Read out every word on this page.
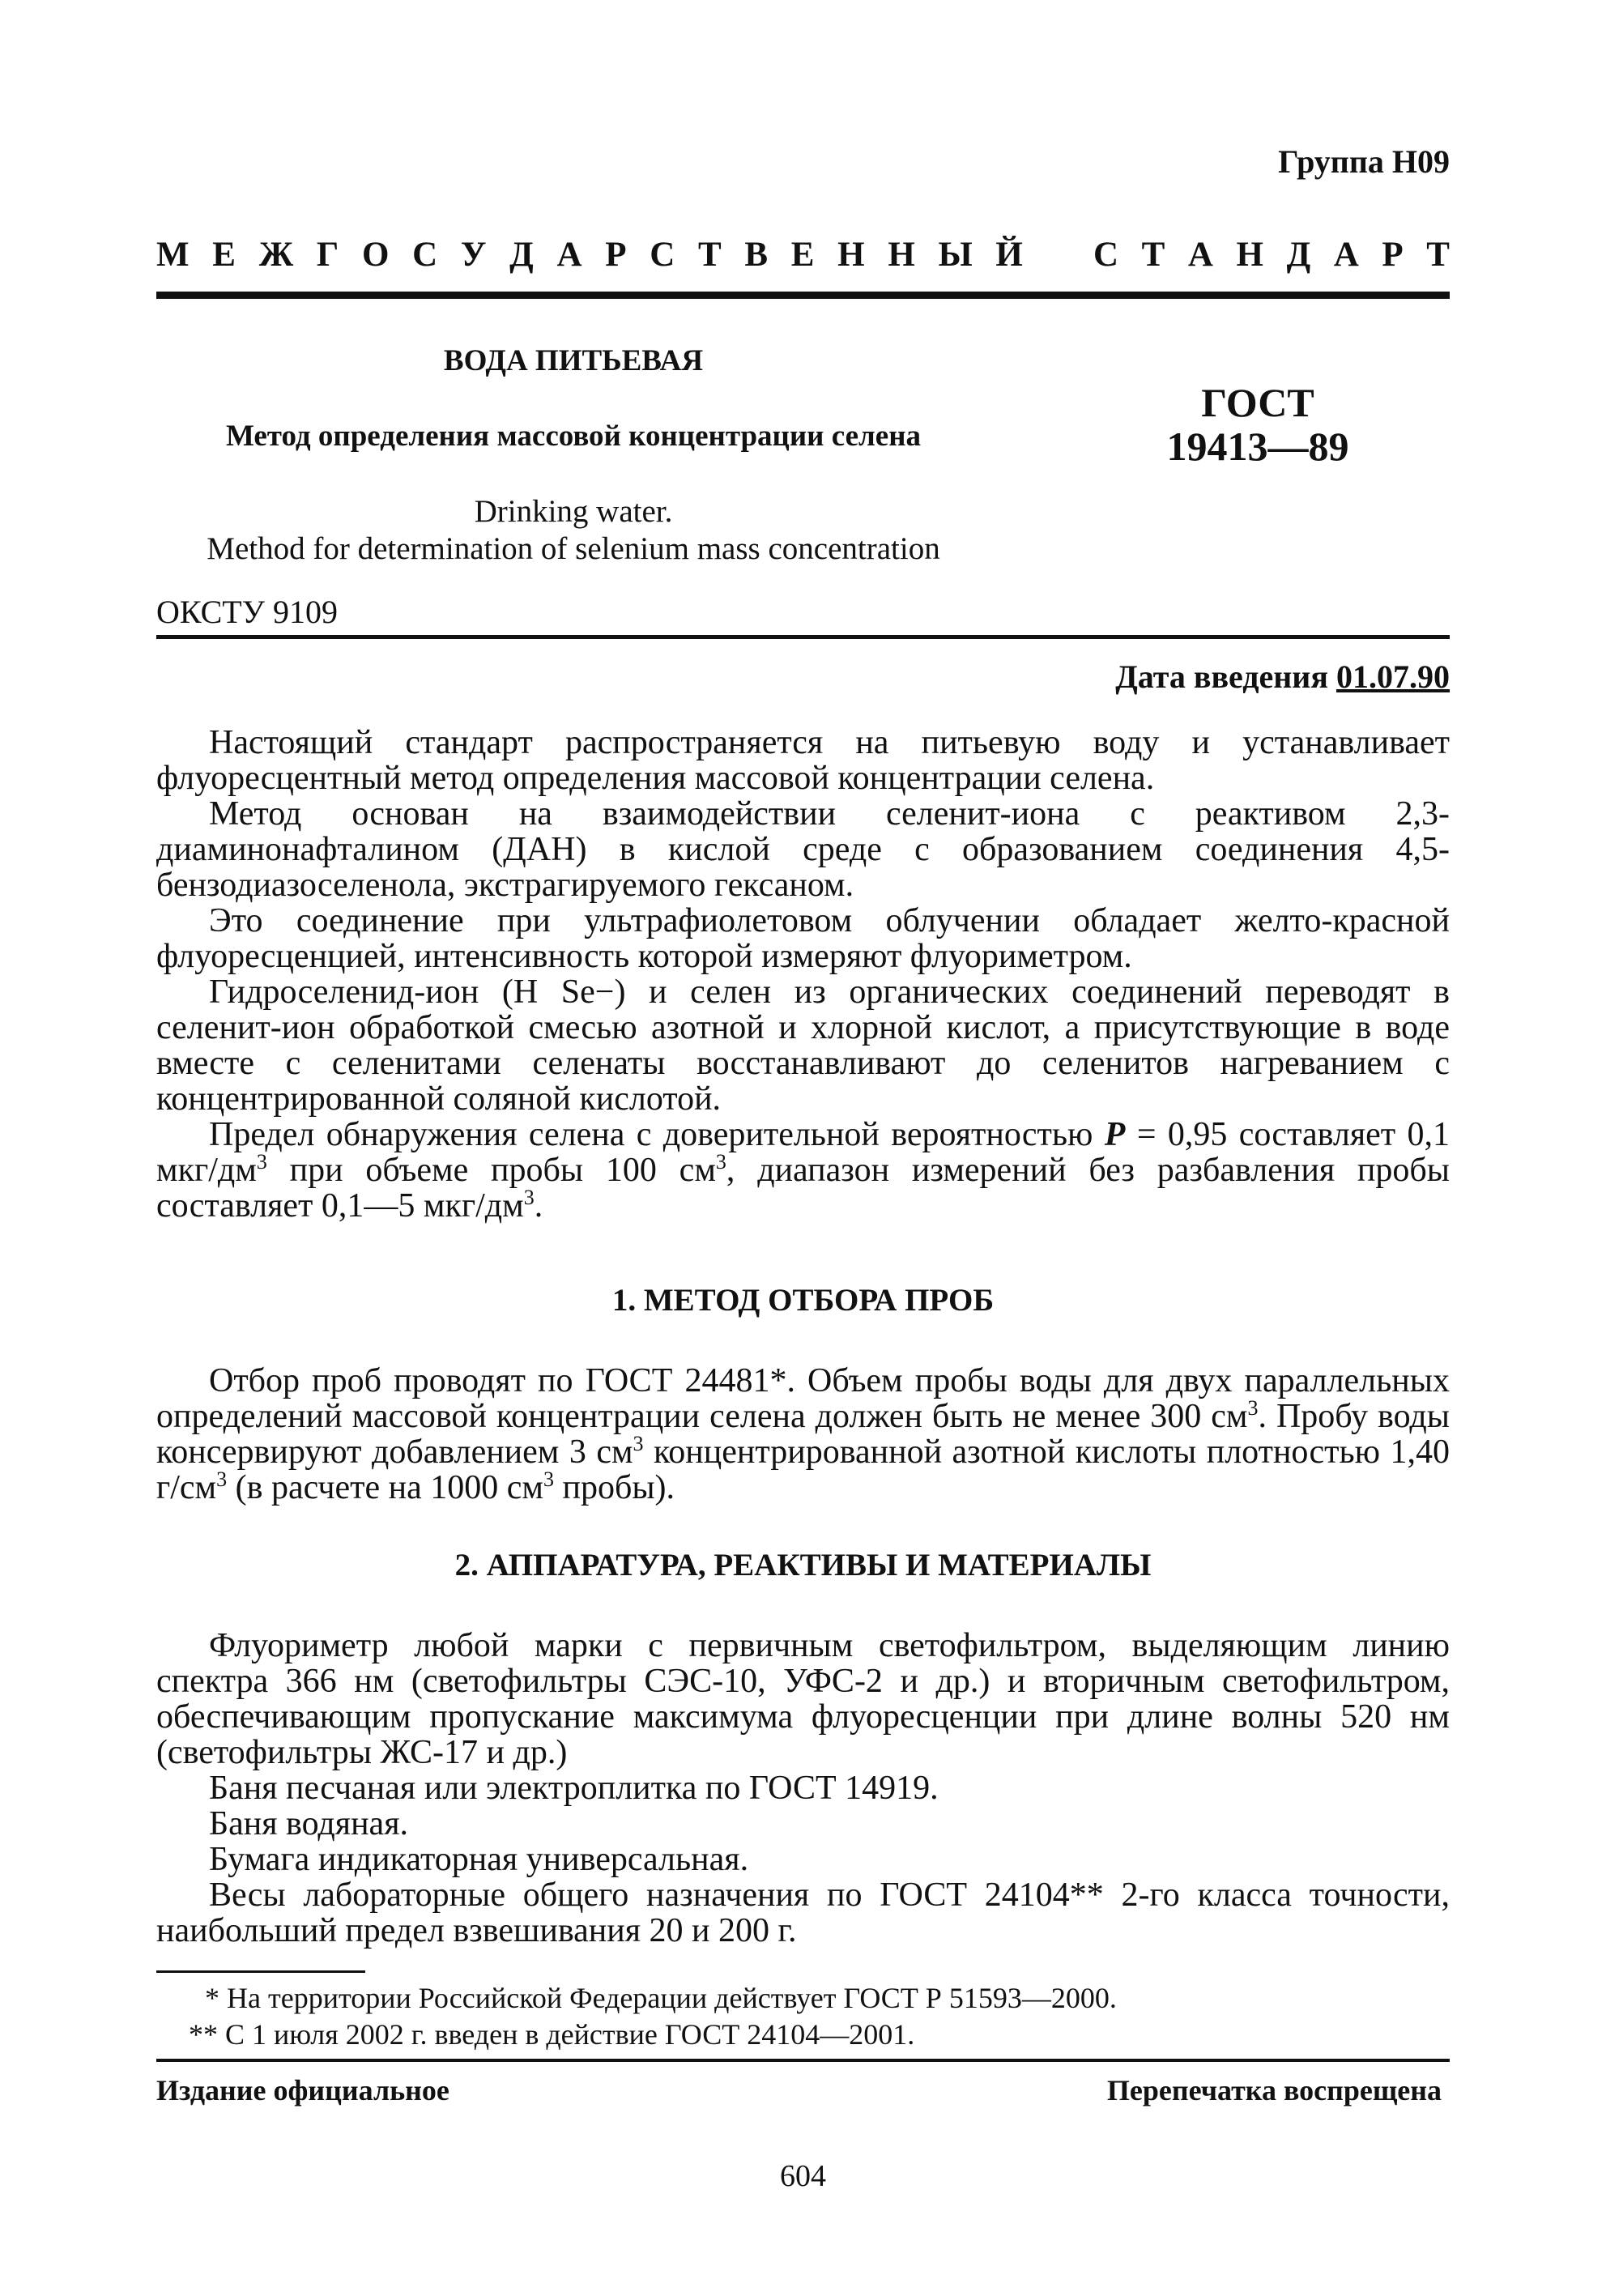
Группа Н09
М Е Ж Г О С У Д А Р С Т В Е Н Н Ы Й С Т А Н Д А Р Т
ВОДА ПИТЬЕВАЯ
Метод определения массовой концентрации селена
ГОСТ
19413—89
Drinking water.
Method for determination of selenium mass concentration
ОКСТУ 9109
Дата введения 01.07.90

Настоящий стандарт распространяется на питьевую воду и устанавливает флуоресцентный метод определения массовой концентрации селена.

Метод основан на взаимодействии селенит-иона с реактивом 2,3-диаминонафталином (ДАН) в кислой среде с образованием соединения 4,5-бензодиазоселенола, экстрагируемого гексаном.

Это соединение при ультрафиолетовом облучении обладает желто-красной флуоресценцией, интенсивность которой измеряют флуориметром.

Гидроселенид-ион (H Se−) и селен из органических соединений переводят в селенит-ион обработкой смесью азотной и хлорной кислот, а присутствующие в воде вместе с селенитами селенаты восстанавливают до селенитов нагреванием с концентрированной соляной кислотой.

Предел обнаружения селена с доверительной вероятностью P = 0,95 составляет 0,1 мкг/$дм^3$ при объеме пробы 100 $см^3$, диапазон измерений без разбавления пробы составляет 0,1—5 мкг/$дм^3$.

1. МЕТОД ОТБОРА ПРОБ

Отбор проб проводят по ГОСТ 24481*. Объем пробы воды для двух параллельных определений массовой концентрации селена должен быть не менее 300 $см^3$. Пробу воды консервируют добавлением 3 $см^3$ концентрированной азотной кислоты плотностью 1,40 $г/см^3$ (в расчете на 1000 $см^3$ пробы).

2. АППАРАТУРА, РЕАКТИВЫ И МАТЕРИАЛЫ

Флуориметр любой марки с первичным светофильтром, выделяющим линию спектра 366 нм (светофильтры СЭС-10, УФС-2 и др.) и вторичным светофильтром, обеспечивающим пропускание максимума флуоресценции при длине волны 520 нм (светофильтры ЖС-17 и др.)

Баня песчаная или электроплитка по ГОСТ 14919.

Баня водяная.

Бумага индикаторная универсальная.

Весы лабораторные общего назначения по ГОСТ 24104** 2-го класса точности, наибольший предел взвешивания 20 и 200 г.

* На территории Российской Федерации действует ГОСТ Р 51593—2000.
** С 1 июля 2002 г. введен в действие ГОСТ 24104—2001.
Издание официальное	Перепечатка воспрещена
604
